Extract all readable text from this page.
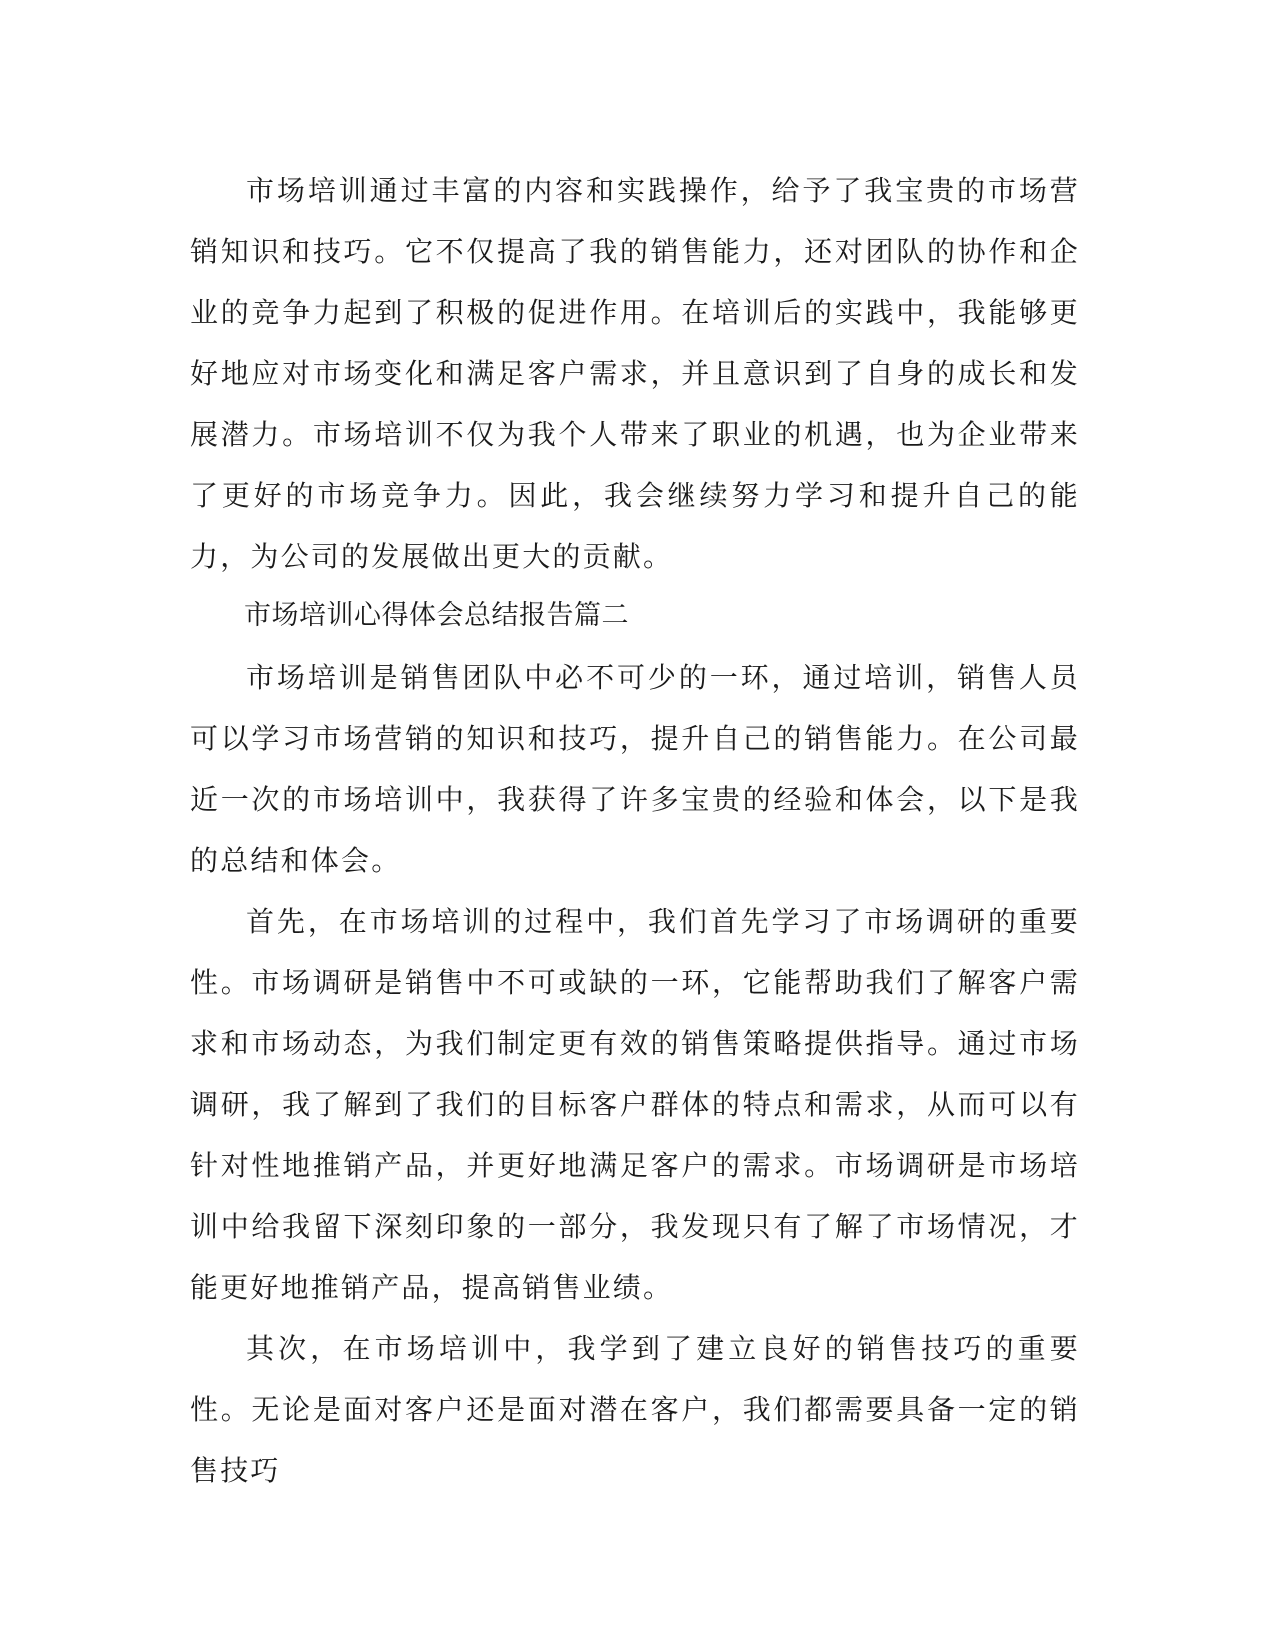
市场培训通过丰富的内容和实践操作，给予了我宝贵的市场营销知识和技巧。它不仅提高了我的销售能力，还对团队的协作和企业的竞争力起到了积极的促进作用。在培训后的实践中，我能够更好地应对市场变化和满足客户需求，并且意识到了自身的成长和发展潜力。市场培训不仅为我个人带来了职业的机遇，也为企业带来了更好的市场竞争力。因此，我会继续努力学习和提升自己的能力，为公司的发展做出更大的贡献。

市场培训心得体会总结报告篇二

市场培训是销售团队中必不可少的一环，通过培训，销售人员可以学习市场营销的知识和技巧，提升自己的销售能力。在公司最近一次的市场培训中，我获得了许多宝贵的经验和体会，以下是我的总结和体会。

首先，在市场培训的过程中，我们首先学习了市场调研的重要性。市场调研是销售中不可或缺的一环，它能帮助我们了解客户需求和市场动态，为我们制定更有效的销售策略提供指导。通过市场调研，我了解到了我们的目标客户群体的特点和需求，从而可以有针对性地推销产品，并更好地满足客户的需求。市场调研是市场培训中给我留下深刻印象的一部分，我发现只有了解了市场情况，才能更好地推销产品，提高销售业绩。

其次，在市场培训中，我学到了建立良好的销售技巧的重要性。无论是面对客户还是面对潜在客户，我们都需要具备一定的销售技巧
